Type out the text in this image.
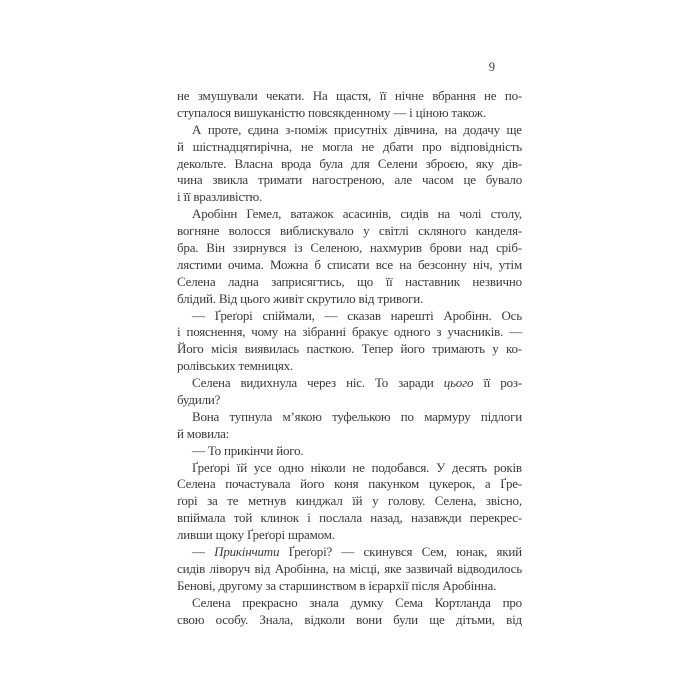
9
не змушували чекати. На щастя, її нічне вбрання не по-
ступалося вишуканістю повсякденному — і ціною також.
А проте, єдина з-поміж присутніх дівчина, на додачу ще
й шістнадцятирічна, не могла не дбати про відповідність
декольте. Власна врода була для Селени зброєю, яку дів-
чина звикла тримати нагостреною, але часом це бувало
і її вразливістю.
Аробінн Гемел, ватажок асасинів, сидів на чолі столу,
вогняне волосся виблискувало у світлі скляного канделя-
бра. Він ззирнувся із Селеною, нахмурив брови над сріб-
лястими очима. Можна б списати все на безсонну ніч, утім
Селена ладна заприсягтись, що її наставник незвично
блідий. Від цього живіт скрутило від тривоги.
— Ґреґорі спіймали, — сказав нарешті Аробінн. Ось
і пояснення, чому на зібранні бракує одного з учасників. —
Його місія виявилась пасткою. Тепер його тримають у ко-
ролівських темницях.
Селена видихнула через ніс. То заради цього її роз-
будили?
Вона тупнула м’якою туфелькою по мармуру підлоги
й мовила:
— То прикінчи його.
Ґреґорі їй усе одно ніколи не подобався. У десять років
Селена почастувала його коня пакунком цукерок, а Ґре-
ґорі за те метнув кинджал їй у голову. Селена, звісно,
впіймала той клинок і послала назад, назавжди перекрес-
ливши щоку Ґреґорі шрамом.
— Прикінчити Ґреґорі? — скинувся Сем, юнак, який
сидів ліворуч від Аробінна, на місці, яке зазвичай відводилось
Бенові, другому за старшинством в ієрархії після Аробінна.
Селена прекрасно знала думку Сема Кортланда про
свою особу. Знала, відколи вони були ще дітьми, від
